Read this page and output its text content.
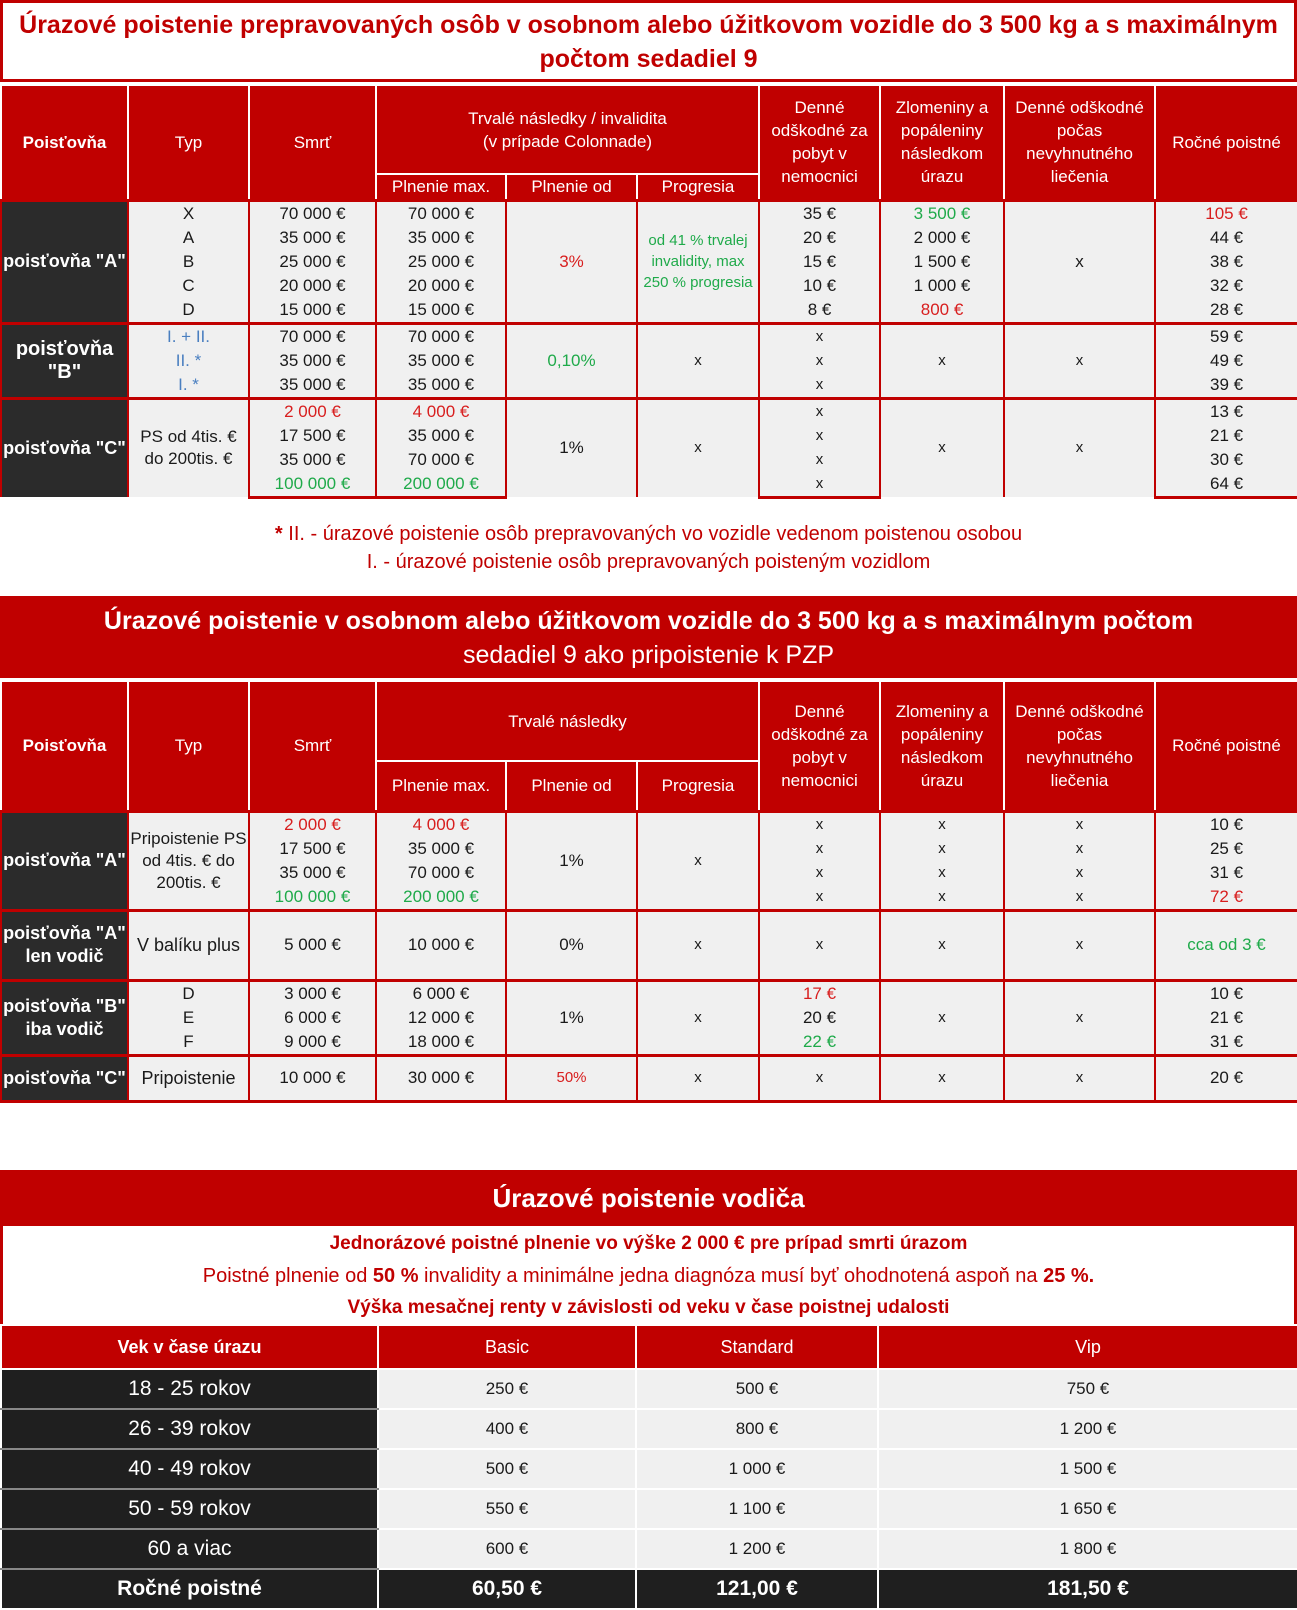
Úrazové poistenie prepravovaných osôb v osobnom alebo úžitkovom vozidle do 3 500 kg a s maximálnym počtom sedadiel 9
Poisťovňa	Typ	Smrť	Trvalé následky / invalidita
(v prípade Colonnade)			Denné odškodné za pobyt v nemocnici	Zlomeniny a popáleniny následkom úrazu	Denné odškodné počas nevyhnutného liečenia	Ročné poistné
			Plnenie max.	Plnenie od	Progresia				
poisťovňa "A"	X	70 000 €	70 000 €	3%	od 41 % trvalej invalidity, max 250 % progresia	35 €	3 500 €	x	105 €
	A	35 000 €	35 000 €			20 €	2 000 €		44 €
	B	25 000 €	25 000 €			15 €	1 500 €		38 €
	C	20 000 €	20 000 €			10 €	1 000 €		32 €
	D	15 000 €	15 000 €			8 €	800 €		28 €
poisťovňa "B"	I. + II.	70 000 €	70 000 €	0,10%	x	x	x	x	59 €
	II. *	35 000 €	35 000 €			x			49 €
	I. *	35 000 €	35 000 €			x			39 €
poisťovňa "C"	PS od 4tis. € do 200tis. €	2 000 €	4 000 €	1%	x	x	x	x	13 €
		17 500 €	35 000 €			x			21 €
		35 000 €	70 000 €			x			30 €
		100 000 €	200 000 €			x			64 €
* II. - úrazové poistenie osôb prepravovaných vo vozidle vedenom poistenou osobou
I. - úrazové poistenie osôb prepravovaných poisteným vozidlom
Úrazové poistenie v osobnom alebo úžitkovom vozidle do 3 500 kg a s maximálnym počtom
sedadiel 9 ako pripoistenie k PZP
Poisťovňa	Typ	Smrť	Trvalé následky			Denné odškodné za pobyt v nemocnici	Zlomeniny a popáleniny následkom úrazu	Denné odškodné počas nevyhnutného liečenia	Ročné poistné
			Plnenie max.	Plnenie od	Progresia				
poisťovňa "A"	Pripoistenie PS od 4tis. € do 200tis. €	2 000 €	4 000 €	1%	x	x	x	x	10 €
		17 500 €	35 000 €			x	x	x	25 €
		35 000 €	70 000 €			x	x	x	31 €
		100 000 €	200 000 €			x	x	x	72 €
poisťovňa "A" len vodič	V balíku plus	5 000 €	10 000 €	0%	x	x	x	x	cca od 3 €
poisťovňa "B" iba vodič	D	3 000 €	6 000 €	1%	x	17 €	x	x	10 €
	E	6 000 €	12 000 €			20 €			21 €
	F	9 000 €	18 000 €			22 €			31 €
poisťovňa "C"	Pripoistenie	10 000 €	30 000 €	50%	x	x	x	x	20 €
Úrazové poistenie vodiča
Jednorázové poistné plnenie vo výške 2 000 € pre prípad smrti úrazom
Poistné plnenie od 50 % invalidity a minimálne jedna diagnóza musí byť ohodnotená aspoň na 25 %.
Výška mesačnej renty v závislosti od veku v čase poistnej udalosti
Vek v čase úrazu	Basic	Standard	Vip
18 - 25 rokov	250 €	500 €	750 €
26 - 39 rokov	400 €	800 €	1 200 €
40 - 49 rokov	500 €	1 000 €	1 500 €
50 - 59 rokov	550 €	1 100 €	1 650 €
60 a viac	600 €	1 200 €	1 800 €
Ročné poistné	60,50 €	121,00 €	181,50 €
